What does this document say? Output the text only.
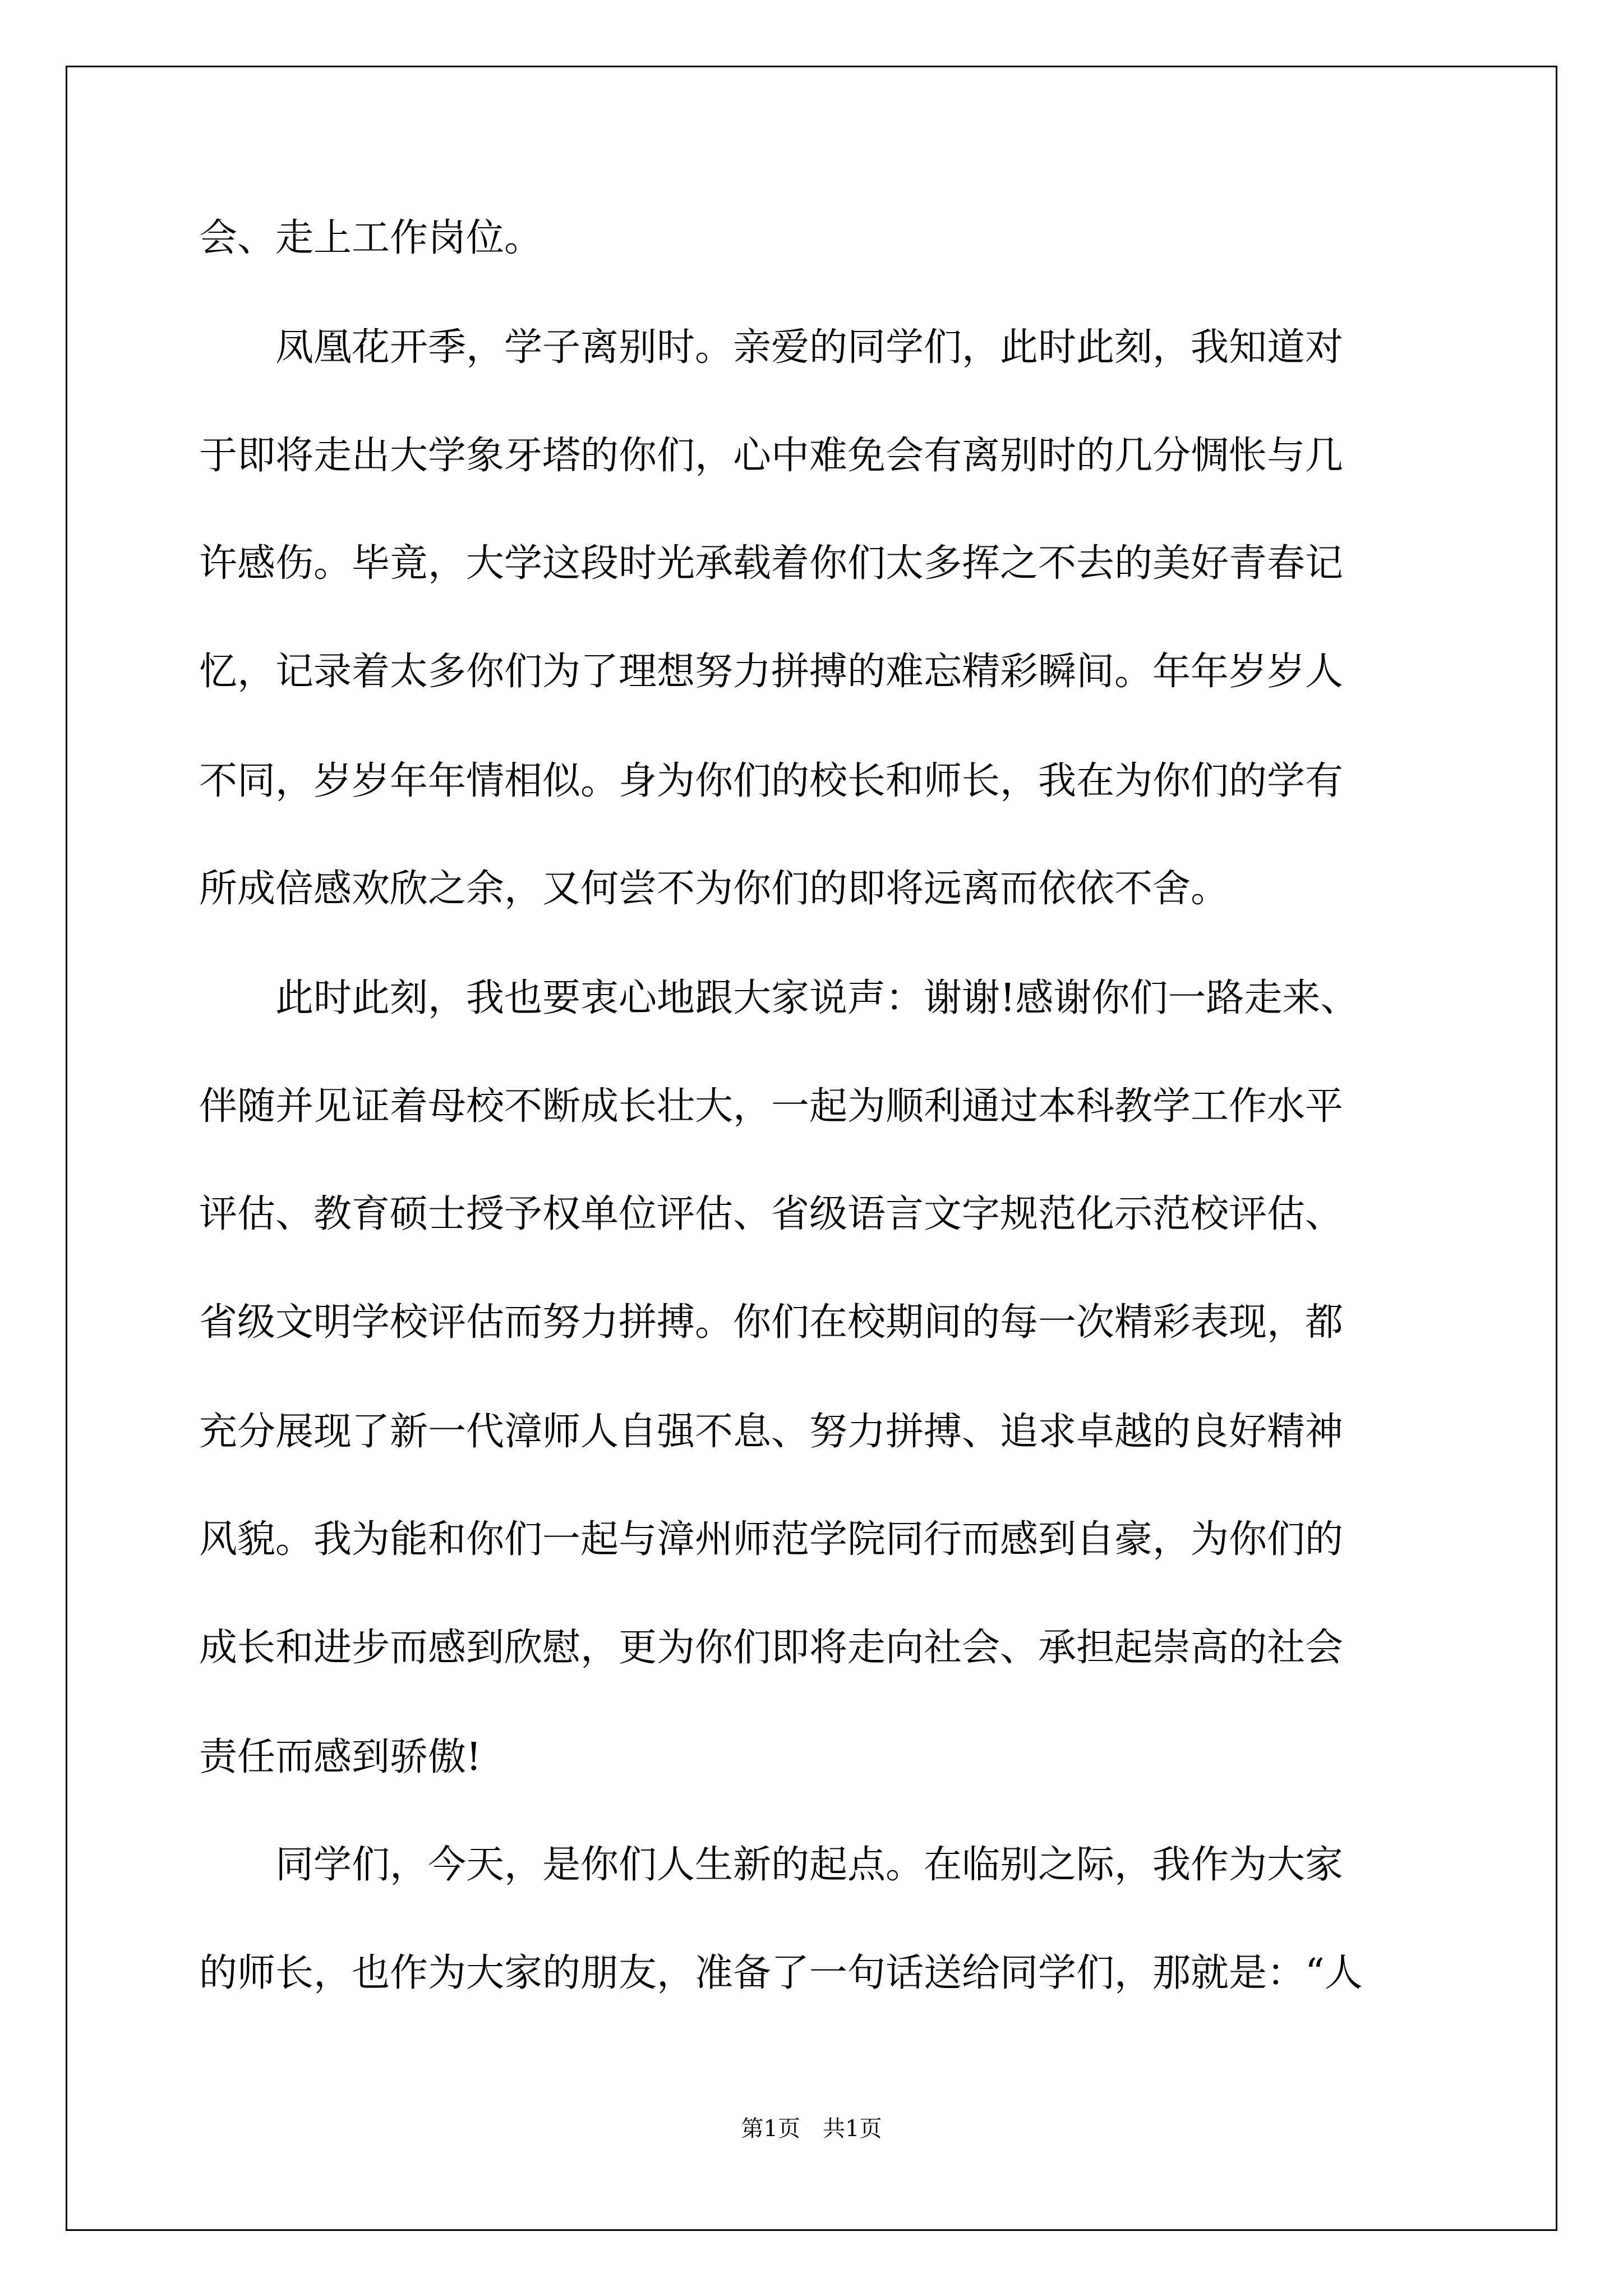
会、走上工作岗位。

　　凤凰花开季，学子离别时。亲爱的同学们，此时此刻，我知道对

于即将走出大学象牙塔的你们，心中难免会有离别时的几分惆怅与几

许感伤。毕竟，大学这段时光承载着你们太多挥之不去的美好青春记

忆，记录着太多你们为了理想努力拼搏的难忘精彩瞬间。年年岁岁人

不同，岁岁年年情相似。身为你们的校长和师长，我在为你们的学有

所成倍感欢欣之余，又何尝不为你们的即将远离而依依不舍。

　　此时此刻，我也要衷心地跟大家说声：谢谢!感谢你们一路走来、

伴随并见证着母校不断成长壮大，一起为顺利通过本科教学工作水平

评估、教育硕士授予权单位评估、省级语言文字规范化示范校评估、

省级文明学校评估而努力拼搏。你们在校期间的每一次精彩表现，都

充分展现了新一代漳师人自强不息、努力拼搏、追求卓越的良好精神

风貌。我为能和你们一起与漳州师范学院同行而感到自豪，为你们的

成长和进步而感到欣慰，更为你们即将走向社会、承担起崇高的社会

责任而感到骄傲!

　　同学们，今天，是你们人生新的起点。在临别之际，我作为大家

的师长，也作为大家的朋友，准备了一句话送给同学们，那就是：“人

第1页　共1页
